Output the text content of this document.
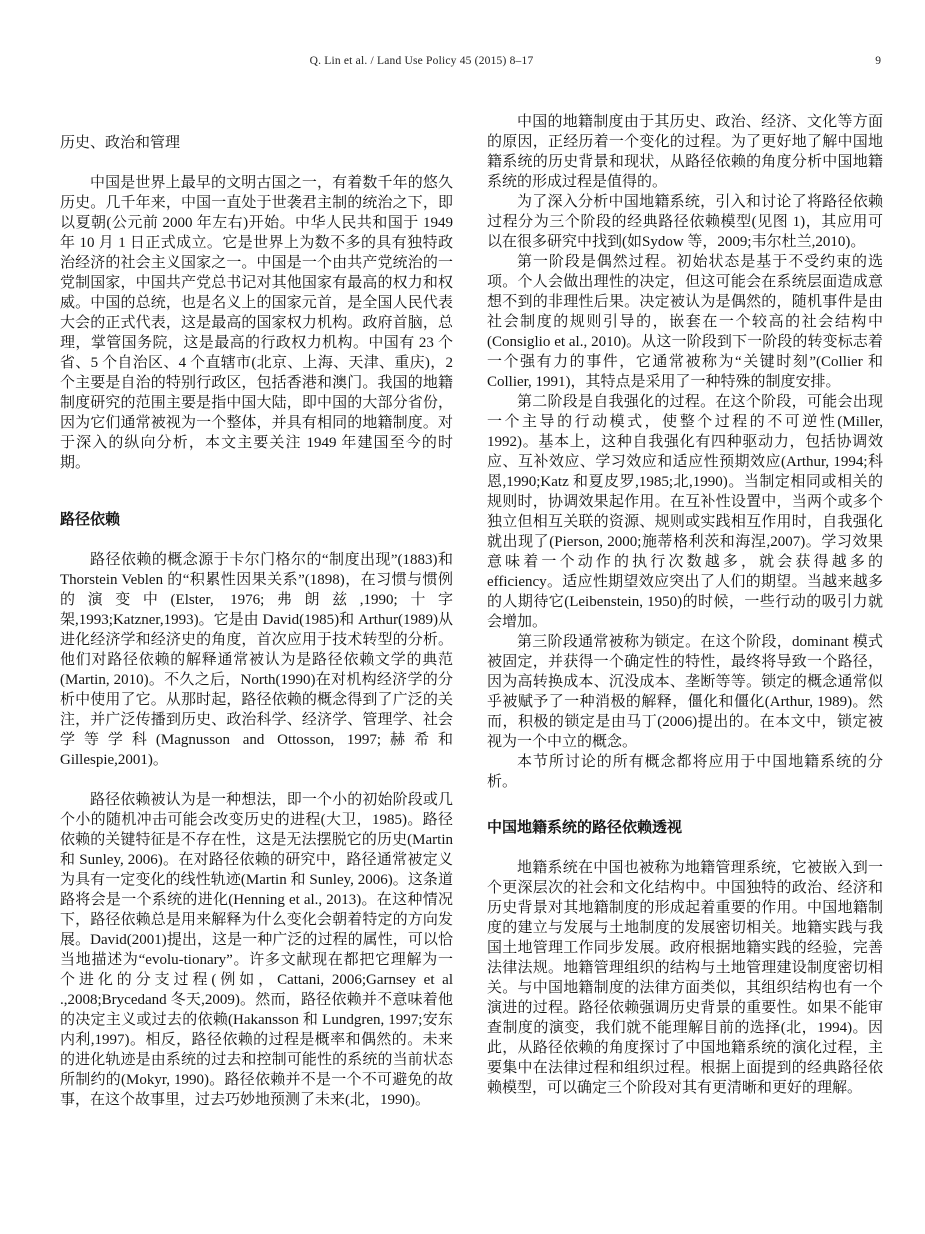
Q. Lin et al. / Land Use Policy 45 (2015) 8–17	9

历史、政治和管理

中国是世界上最早的文明古国之一，有着数千年的悠久历史。几千年来，中国一直处于世袭君主制的统治之下，即以夏朝(公元前 2000 年左右)开始。中华人民共和国于 1949 年 10 月 1 日正式成立。它是世界上为数不多的具有独特政治经济的社会主义国家之一。中国是一个由共产党统治的一党制国家，中国共产党总书记对其他国家有最高的权力和权威。中国的总统，也是名义上的国家元首，是全国人民代表大会的正式代表，这是最高的国家权力机构。政府首脑，总理，掌管国务院，这是最高的行政权力机构。中国有 23 个省、5 个自治区、4 个直辖市(北京、上海、天津、重庆)，2 个主要是自治的特别行政区，包括香港和澳门。我国的地籍制度研究的范围主要是指中国大陆，即中国的大部分省份，因为它们通常被视为一个整体，并具有相同的地籍制度。对于深入的纵向分析，本文主要关注 1949 年建国至今的时期。

路径依赖

路径依赖的概念源于卡尔门格尔的“制度出现”(1883)和 Thorstein Veblen 的“积累性因果关系”(1898)，在习惯与惯例的演变中(Elster, 1976;弗朗兹,1990;十字架,1993;Katzner,1993)。它是由 David(1985)和 Arthur(1989)从进化经济学和经济史的角度，首次应用于技术转型的分析。他们对路径依赖的解释通常被认为是路径依赖文学的典范(Martin, 2010)。不久之后，North(1990)在对机构经济学的分析中使用了它。从那时起，路径依赖的概念得到了广泛的关注，并广泛传播到历史、政治科学、经济学、管理学、社会学等学科(Magnusson and Ottosson, 1997;赫希和Gillespie,2001)。

路径依赖被认为是一种想法，即一个小的初始阶段或几个小的随机冲击可能会改变历史的进程(大卫，1985)。路径依赖的关键特征是不存在性，这是无法摆脱它的历史(Martin 和 Sunley, 2006)。在对路径依赖的研究中，路径通常被定义为具有一定变化的线性轨迹(Martin 和 Sunley, 2006)。这条道路将会是一个系统的进化(Henning et al., 2013)。在这种情况下，路径依赖总是用来解释为什么变化会朝着特定的方向发展。David(2001)提出，这是一种广泛的过程的属性，可以恰当地描述为“evolu-tionary”。许多文献现在都把它理解为一个进化的分支过程(例如，Cattani, 2006;Garnsey et al .,2008;Brycedand 冬天,2009)。然而，路径依赖并不意味着他的决定主义或过去的依赖(Hakansson 和 Lundgren, 1997;安东内利,1997)。相反，路径依赖的过程是概率和偶然的。未来的进化轨迹是由系统的过去和控制可能性的系统的当前状态所制约的(Mokyr, 1990)。路径依赖并不是一个不可避免的故事，在这个故事里，过去巧妙地预测了未来(北，1990)。

中国的地籍制度由于其历史、政治、经济、文化等方面的原因，正经历着一个变化的过程。为了更好地了解中国地籍系统的历史背景和现状，从路径依赖的角度分析中国地籍系统的形成过程是值得的。

为了深入分析中国地籍系统，引入和讨论了将路径依赖过程分为三个阶段的经典路径依赖模型(见图 1)，其应用可以在很多研究中找到(如Sydow 等，2009;韦尔杜兰,2010)。

第一阶段是偶然过程。初始状态是基于不受约束的选项。个人会做出理性的决定，但这可能会在系统层面造成意想不到的非理性后果。决定被认为是偶然的，随机事件是由社会制度的规则引导的，嵌套在一个较高的社会结构中(Consiglio et al., 2010)。从这一阶段到下一阶段的转变标志着一个强有力的事件，它通常被称为“关键时刻”(Collier 和 Collier, 1991)，其特点是采用了一种特殊的制度安排。

第二阶段是自我强化的过程。在这个阶段，可能会出现一个主导的行动模式，使整个过程的不可逆性(Miller, 1992)。基本上，这种自我强化有四种驱动力，包括协调效应、互补效应、学习效应和适应性预期效应(Arthur, 1994;科恩,1990;Katz 和夏皮罗,1985;北,1990)。当制定相同或相关的规则时，协调效果起作用。在互补性设置中，当两个或多个独立但相互关联的资源、规则或实践相互作用时，自我强化就出现了(Pierson, 2000;施蒂格利茨和海涅,2007)。学习效果意味着一个动作的执行次数越多，就会获得越多的 efficiency。适应性期望效应突出了人们的期望。当越来越多的人期待它(Leibenstein, 1950)的时候，一些行动的吸引力就会增加。

第三阶段通常被称为锁定。在这个阶段，dominant 模式被固定，并获得一个确定性的特性，最终将导致一个路径，因为高转换成本、沉没成本、垄断等等。锁定的概念通常似乎被赋予了一种消极的解释，僵化和僵化(Arthur, 1989)。然而，积极的锁定是由马丁(2006)提出的。在本文中，锁定被视为一个中立的概念。

本节所讨论的所有概念都将应用于中国地籍系统的分析。

中国地籍系统的路径依赖透视

地籍系统在中国也被称为地籍管理系统，它被嵌入到一个更深层次的社会和文化结构中。中国独特的政治、经济和历史背景对其地籍制度的形成起着重要的作用。中国地籍制度的建立与发展与土地制度的发展密切相关。地籍实践与我国土地管理工作同步发展。政府根据地籍实践的经验，完善法律法规。地籍管理组织的结构与土地管理建设制度密切相关。与中国地籍制度的法律方面类似，其组织结构也有一个演进的过程。路径依赖强调历史背景的重要性。如果不能审查制度的演变，我们就不能理解目前的选择(北，1994)。因此，从路径依赖的角度探讨了中国地籍系统的演化过程，主要集中在法律过程和组织过程。根据上面提到的经典路径依赖模型，可以确定三个阶段对其有更清晰和更好的理解。
